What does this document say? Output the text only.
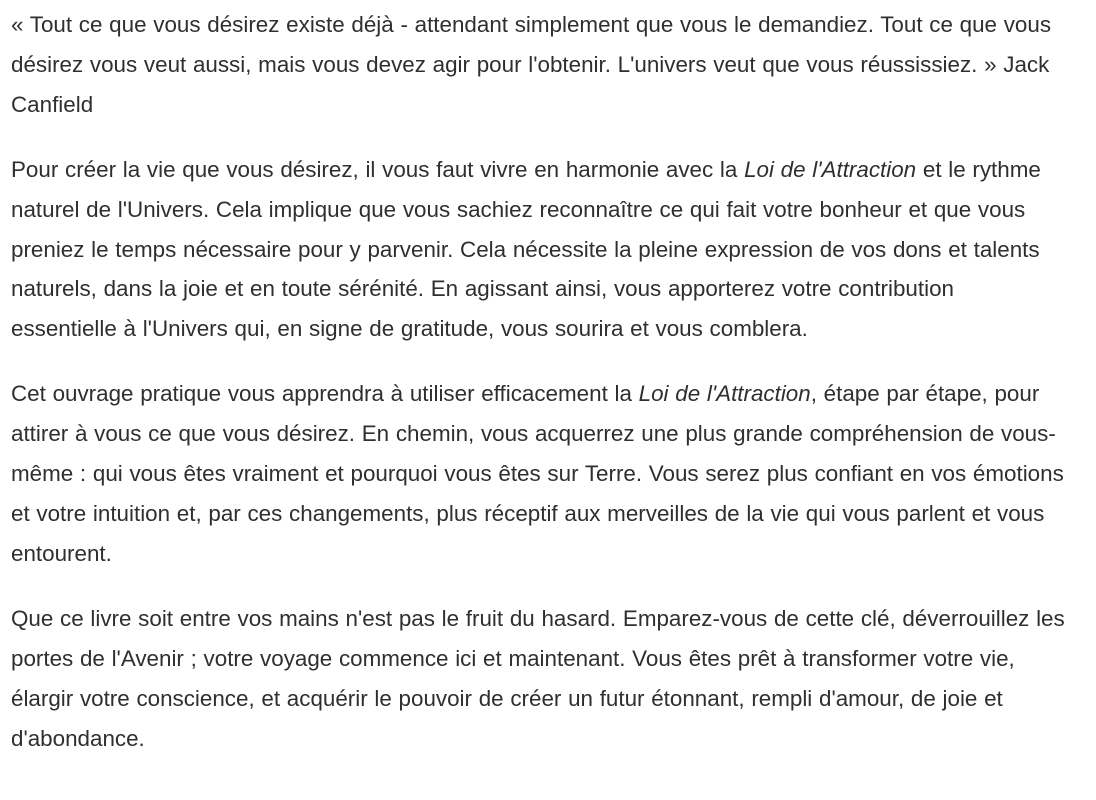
« Tout ce que vous désirez existe déjà - attendant simplement que vous le demandiez. Tout ce que vous désirez vous veut aussi, mais vous devez agir pour l'obtenir. L'univers veut que vous réussissiez. » Jack Canfield

Pour créer la vie que vous désirez, il vous faut vivre en harmonie avec la Loi de l'Attraction et le rythme naturel de l'Univers. Cela implique que vous sachiez reconnaître ce qui fait votre bonheur et que vous preniez le temps nécessaire pour y parvenir. Cela nécessite la pleine expression de vos dons et talents naturels, dans la joie et en toute sérénité. En agissant ainsi, vous apporterez votre contribution essentielle à l'Univers qui, en signe de gratitude, vous sourira et vous comblera.

Cet ouvrage pratique vous apprendra à utiliser efficacement la Loi de l'Attraction, étape par étape, pour attirer à vous ce que vous désirez. En chemin, vous acquerrez une plus grande compréhension de vous-même : qui vous êtes vraiment et pourquoi vous êtes sur Terre. Vous serez plus confiant en vos émotions et votre intuition et, par ces changements, plus réceptif aux merveilles de la vie qui vous parlent et vous entourent.

Que ce livre soit entre vos mains n'est pas le fruit du hasard. Emparez-vous de cette clé, déverrouillez les portes de l'Avenir ; votre voyage commence ici et maintenant. Vous êtes prêt à transformer votre vie, élargir votre conscience, et acquérir le pouvoir de créer un futur étonnant, rempli d'amour, de joie et d'abondance.
